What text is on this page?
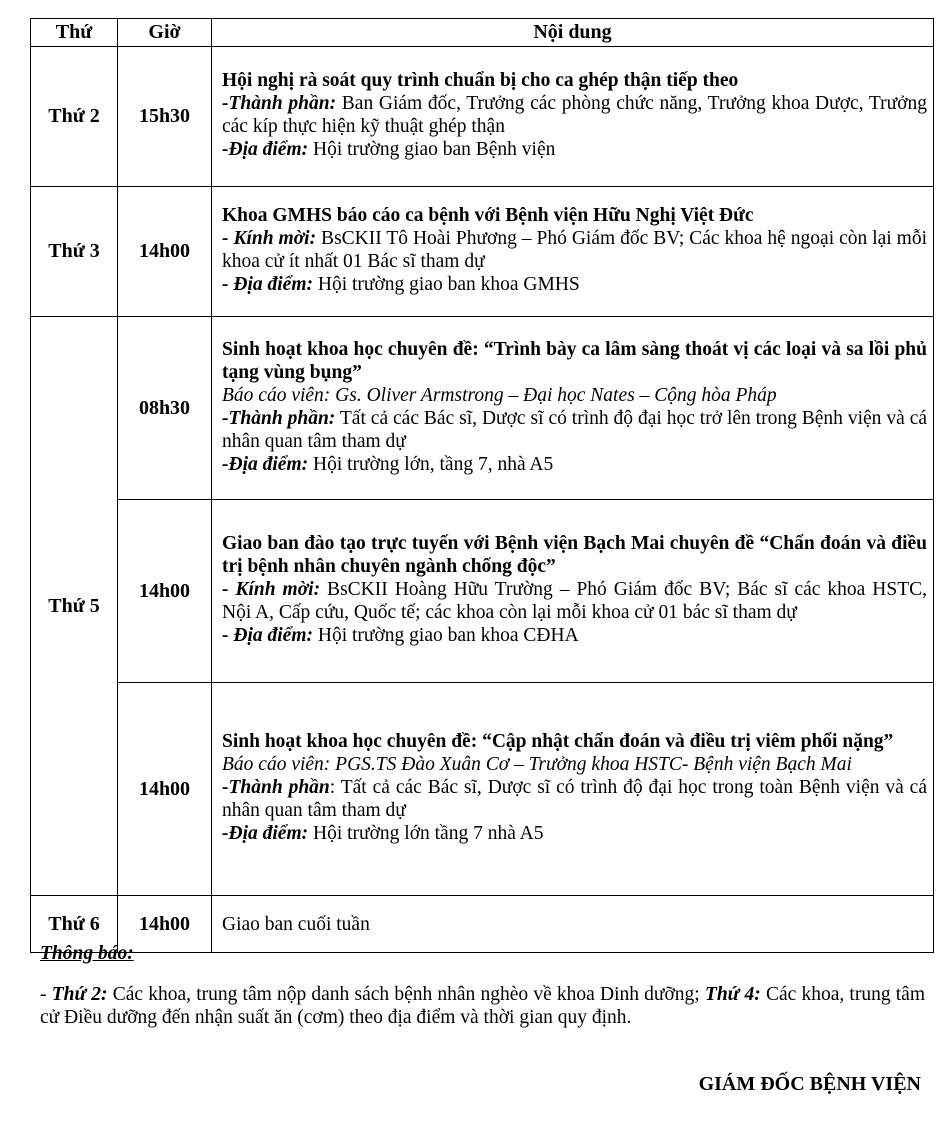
Thứ	Giờ	Nội dung
Thứ 2	15h30	Hội nghị rà soát quy trình chuẩn bị cho ca ghép thận tiếp theo
-Thành phần: Ban Giám đốc, Trưởng các phòng chức năng, Trưởng khoa Dược, Trưởng các kíp thực hiện kỹ thuật ghép thận
-Địa điểm: Hội trường giao ban Bệnh viện

Thứ 3	14h00	Khoa GMHS báo cáo ca bệnh với Bệnh viện Hữu Nghị Việt Đức
- Kính mời: BsCKII Tô Hoài Phương – Phó Giám đốc BV; Các khoa hệ ngoại còn lại mỗi khoa cử ít nhất 01 Bác sĩ tham dự
- Địa điểm: Hội trường giao ban khoa GMHS

Thứ 5	08h30	Sinh hoạt khoa học chuyên đề: “Trình bày ca lâm sàng thoát vị các loại và sa lồi phủ tạng vùng bụng”
Báo cáo viên: Gs. Oliver Armstrong – Đại học Nates – Cộng hòa Pháp
-Thành phần: Tất cả các Bác sĩ, Dược sĩ có trình độ đại học trở lên trong Bệnh viện và cá nhân quan tâm tham dự
-Địa điểm: Hội trường lớn, tầng 7, nhà A5

	14h00	Giao ban đào tạo trực tuyến với Bệnh viện Bạch Mai chuyên đề “Chẩn đoán và điều trị bệnh nhân chuyên ngành chống độc”
- Kính mời: BsCKII Hoàng Hữu Trường – Phó Giám đốc BV; Bác sĩ các khoa HSTC, Nội A, Cấp cứu, Quốc tế; các khoa còn lại mỗi khoa cử 01 bác sĩ tham dự
- Địa điểm: Hội trường giao ban khoa CĐHA

	14h00	Sinh hoạt khoa học chuyên đề: “Cập nhật chẩn đoán và điều trị viêm phổi nặng”
Báo cáo viên: PGS.TS Đào Xuân Cơ – Trưởng khoa HSTC- Bệnh viện Bạch Mai
-Thành phần: Tất cả các Bác sĩ, Dược sĩ có trình độ đại học trong toàn Bệnh viện và cá nhân quan tâm tham dự
-Địa điểm: Hội trường lớn tầng 7 nhà A5

Thứ 6	14h00	Giao ban cuối tuần
Thông báo:

- Thứ 2: Các khoa, trung tâm nộp danh sách bệnh nhân nghèo về khoa Dinh dưỡng; Thứ 4: Các khoa, trung tâm cử Điều dưỡng đến nhận suất ăn (cơm) theo địa điểm và thời gian quy định.

GIÁM ĐỐC BỆNH VIỆN
